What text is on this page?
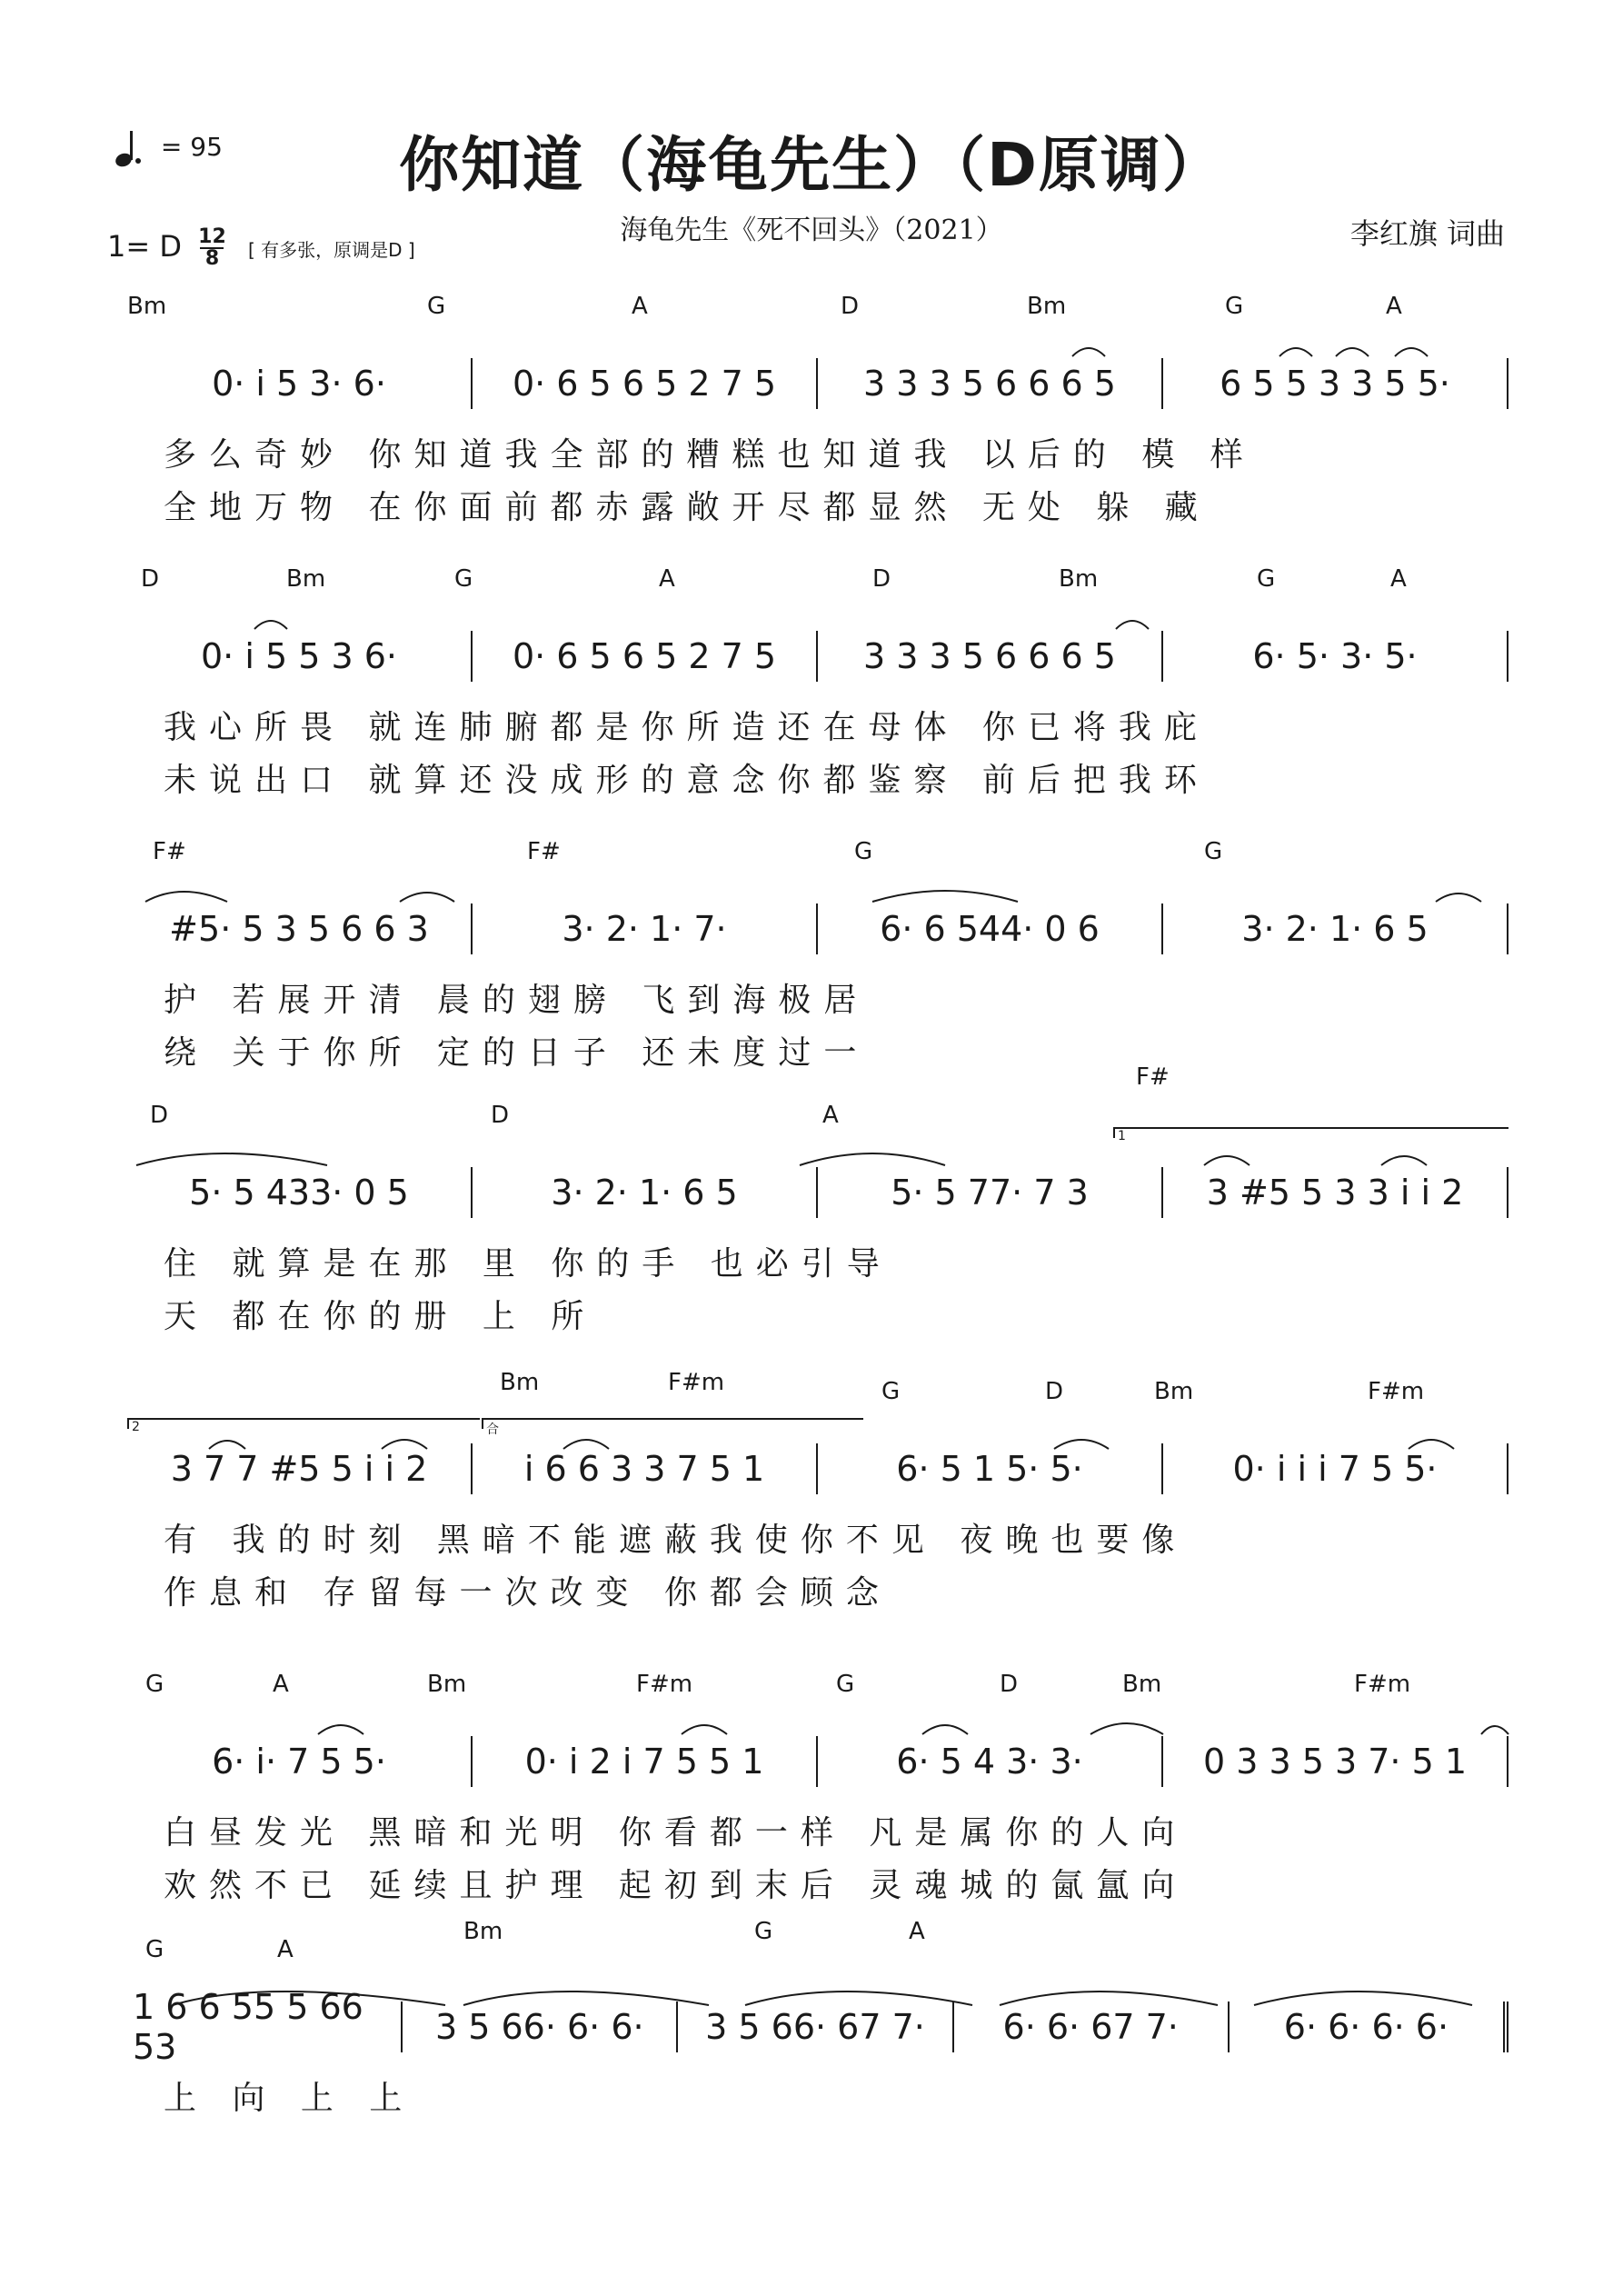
= 95	你知道（海龟先生）（D原调）
海龟先生《死不回头》（2021）	李红旗 词曲
1= D $\frac{12}{8}$ [ 有多张，原调是D ]
Bm	G	A	D	Bm	G	A
0· i 5 3· 6·	0· 6 5 6 5 2 7 5	3 3 3 5 6 6 6 5	6 5 5 3 3 5 5·
多么奇妙 你知道我全部的糟糕也知道我 以后的 模 样
全地万物 在你面前都赤露敞开尽都显然 无处 躲 藏
D	Bm	G	A	D	Bm	G	A
0· i 5 5 3 6·	0· 6 5 6 5 2 7 5	3 3 3 5 6 6 6 5	6· 5· 3· 5·
我心所畏 就连肺腑都是你所造还在母体 你已将我庇
未说出口 就算还没成形的意念你都鉴察 前后把我环
F#	F#	G	G
#5· 5 3 5 6 6 3	3· 2· 1· 7·	6· 6 544· 0 6	3· 2· 1· 6 5
护 若展开清 晨的翅膀 飞到海极居
绕 关于你所 定的日子 还未度过一
D	D	A
F#
1
5· 5 433· 0 5	3· 2· 1· 6 5	5· 5 77· 7 3	3 #5 5 3 3 i i 2
住 就算是在那 里 你的手 也必引导
天 都在你的册 上 所
Bm	F#m	G	D	Bm	F#m
2	合
3 7 7 #5 5 i i 2	i 6 6 3 3 7 5 1	6· 5 1 5· 5·	0· i i i 7 5 5·
有 我的时刻 黑暗不能遮蔽我使你不见 夜晚也要像
作息和 存留每一次改变 你都会顾念
G	A	Bm	F#m	G	D	Bm	F#m
6· i· 7 5 5·	0· i 2 i 7 5 5 1	6· 5 4 3· 3·	0 3 3 5 3 7· 5 1
白昼发光 黑暗和光明 你看都一样 凡是属你的人向
欢然不已 延续且护理 起初到末后 灵魂城的氤氲向
G	A
Bm	G	A
1 6 6 55 5 66 53	3 5 66· 6· 6·	3 5 66· 67 7·	6· 6· 67 7·	6· 6· 6· 6·
上 向 上 上
